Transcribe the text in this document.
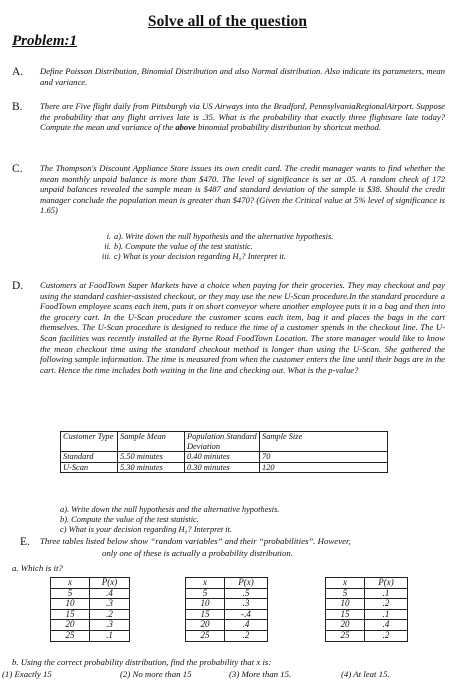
Solve all of the question
Problem:1
A. Define Poisson Distribution, Binomial Distribution and also Normal distribution. Also indicate its parameters, mean and variance.

B. There are Five flight daily from Pittsburgh via US Airways into the Bradford, PennsylvaniaRegionalAirport. Suppose the probability that any flight arrives late is .35. What is the probability that exactly three flightsare late today? Compute the mean and variance of the above binomial probability distribution by shortcut method.

C. The Thompson's Discount Appliance Store issues its own credit card. The credit manager wants to find whether the mean monthly unpaid balance is more than $470. The level of significance is set at .05. A random check of 172 unpaid balances revealed the sample mean is $487 and standard deviation of the sample is $38. Should the credit manager conclude the population mean is greater than $470? (Given the Critical value at 5% level of significance is 1.65)

i. a). Write down the null hypothesis and the alternative hypothesis.
ii. b). Compute the value of the test statistic.
iii. c) What is your decision regarding H₀? Interpret it.
D. Customers at FoodTown Super Markets have a choice when paying for their groceries. They may checkout and pay using the standard cashier-assisted checkout, or they may use the new U-Scan procedure.In the standard procedure a FoodTown employee scans each item, puts it on short conveyor where another employee puts it in a bag and then into the grocery cart. In the U-Scan procedure the customer scans each item, bag it and places the bags in the cart themselves. The U-Scan procedure is designed to reduce the time of a customer spends in the checkout line. The U-Scan facilities was recently installed at the Byrne Road FoodTown Location. The store manager would like to know the mean checkout time using the standard checkout method is longer than using the U-Scan. She gathered the following sample information. The time is measured from when the customer enters the line until their bags are in the cart. Hence the time includes both waiting in the line and checking out. What is the p-value?

Customer Type	Sample Mean	Population Standard Deviation	Sample Size
Standard	5.50 minutes	0.40 minutes	70
U-Scan	5.30 minutes	0.30 minutes	120
a). Write down the null hypothesis and the alternative hypothesis.
b). Compute the value of the test statistic.
c) What is your decision regarding H₀? Interpret it.
E. Three tables listed below show “random variables” and their “probabilities”. However,
only one of these is actually a probability distribution.
a. Which is it?
x	P(x)
5	.4
10	.3
15	.2
20	.3
25	.1
x	P(x)
5	.5
10	.3
15	-.4
20	.4
25	.2
x	P(x)
5	.1
10	.2
15	.1
20	.4
25	.2
b. Using the correct probability distribution, find the probability that x is:
(1) Exactly 15	(2) No more than 15	(3) More than 15.	(4) At leat 15.
